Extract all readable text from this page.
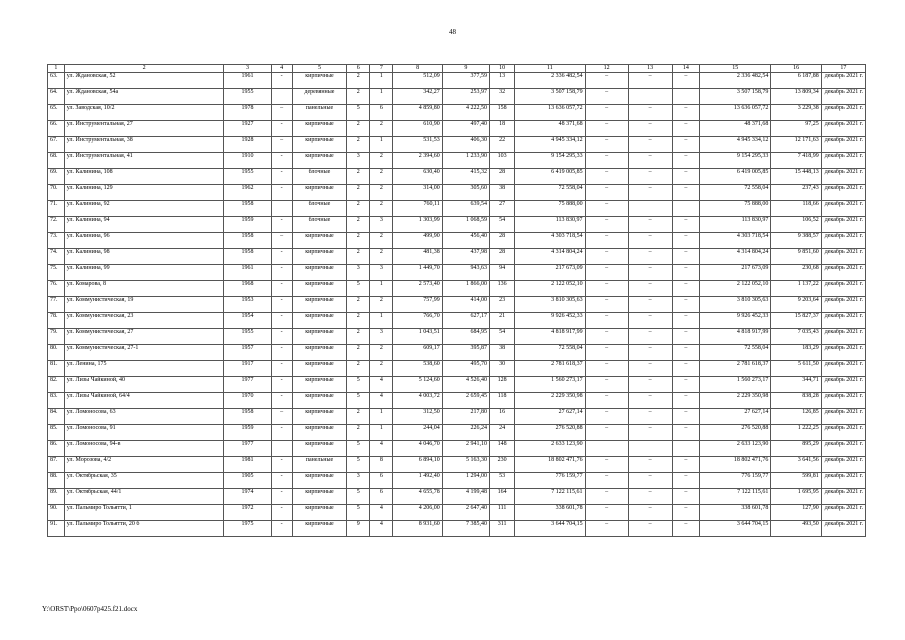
48
1	2	3	4	5	6	7	8	9	10	11	12	13	14	15	16	17
63.	ул. Ждановская, 52	1961	-	кирпичные	2	1	512,09	377,59	13	2 336 482,54	–	–	–	2 336 482,54	6 187,88	декабрь 2021 г.
64.	ул. Ждановская, 54а	1955		деревянные	2	1	342,27	253,97	32	3 507 158,79	–			3 507 158,79	13 809,34	декабрь 2021 г.
65.	ул. Заводская, 10/2	1978	–	панельные	5	6	4 859,80	4 222,50	158	13 636 057,72	–	–	–	13 636 057,72	3 229,38	декабрь 2021 г.
66.	ул. Инструментальная, 27	1927	-	кирпичные	2	2	610,90	497,40	18	48 371,68	–	–	–	48 371,68	97,25	декабрь 2021 г.
67.	ул. Инструментальная, 38	1928	–	кирпичные	2	1	531,53	406,30	22	4 945 334,12	–	–	–	4 945 334,12	12 171,63	декабрь 2021 г.
68.	ул. Инструментальная, 41	1910	-	кирпичные	3	2	2 394,60	1 233,90	103	9 154 295,33	–	–	–	9 154 295,33	7 418,99	декабрь 2021 г.
69.	ул. Калинина, 108	1955	-	блочные	2	2	630,40	415,32	28	6 419 005,85	–	–	–	6 419 005,85	15 448,13	декабрь 2021 г.
70.	ул. Калинина, 129	1962	-	кирпичные	2	2	314,00	305,60	38	72 558,04	–	–	–	72 558,04	237,43	декабрь 2021 г.
71.	ул. Калинина, 92	1958		блочные	2	2	760,11	639,54	27	75 888,00	–			75 888,00	118,66	декабрь 2021 г.
72.	ул. Калинина, 94	1959	-	блочные	2	3	1 303,99	1 068,59	54	113 830,97	–	–	–	113 830,97	106,52	декабрь 2021 г.
73.	ул. Калинина, 96	1958	–	кирпичные	2	2	499,90	456,40	28	4 303 718,54	–	–	–	4 303 718,54	9 388,57	декабрь 2021 г.
74.	ул. Калинина, 98	1958	-	кирпичные	2	2	481,38	437,98	28	4 314 804,24	–	–	–	4 314 804,24	9 851,60	декабрь 2021 г.
75.	ул. Калинина, 99	1961	-	кирпичные	3	3	1 449,70	943,63	94	217 673,09	–	–	–	217 673,09	230,68	декабрь 2021 г.
76.	ул. Комарова, 8	1968	-	кирпичные	5	1	2 573,40	1 866,00	136	2 122 052,10	–	–	–	2 122 052,10	1 137,22	декабрь 2021 г.
77.	ул. Коммунистическая, 19	1953	-	кирпичные	2	2	757,99	414,00	23	3 810 305,63	–	–	–	3 810 305,63	9 203,64	декабрь 2021 г.
78.	ул. Коммунистическая, 23	1954	-	кирпичные	2	1	766,70	627,17	21	9 926 452,33	–	–	–	9 926 452,33	15 827,37	декабрь 2021 г.
79.	ул. Коммунистическая, 27	1955	-	кирпичные	2	3	1 043,51	684,95	54	4 818 917,99	–	–	–	4 818 917,99	7 035,43	декабрь 2021 г.
80.	ул. Коммунистическая, 27-1	1957	-	кирпичные	2	2	609,17	395,87	38	72 558,04	–	–	–	72 558,04	183,29	декабрь 2021 г.
81.	ул. Ленина, 175	1917	-	кирпичные	2	2	538,60	495,70	30	2 781 618,37	–	–	–	2 781 618,37	5 611,50	декабрь 2021 г.
82.	ул. Лизы Чайкиной, 40	1977	-	кирпичные	5	4	5 124,60	4 526,40	128	1 560 273,17	–	–	–	1 560 273,17	344,71	декабрь 2021 г.
83.	ул. Лизы Чайкиной, 64/4	1970	-	кирпичные	5	4	4 003,72	2 659,45	118	2 229 350,98	–	–	–	2 229 350,98	838,28	декабрь 2021 г.
84.	ул. Ломоносова, 63	1958	–	кирпичные	2	1	312,50	217,80	16	27 627,14	–	–	–	27 627,14	126,85	декабрь 2021 г.
85.	ул. Ломоносова, 91	1959	-	кирпичные	2	1	244,04	226,24	24	276 520,88	–	–	–	276 520,88	1 222,25	декабрь 2021 г.
86.	ул. Ломоносова, 94-в	1977		кирпичные	5	4	4 046,70	2 941,10	148	2 633 123,90				2 633 123,90	895,29	декабрь 2021 г.
87.	ул. Морозова, 4/2	1981	-	панельные	5	8	6 894,10	5 163,30	230	18 802 471,76	–	–	–	18 802 471,76	3 641,56	декабрь 2021 г.
88.	ул. Октябрьская, 35	1905	-	кирпичные	3	6	1 492,40	1 294,00	53	776 159,77	–	–	–	776 159,77	599,81	декабрь 2021 г.
89.	ул. Октябрьская, 44/1	1974	-	кирпичные	5	6	4 655,78	4 199,48	164	7 122 115,61	–	–	–	7 122 115,61	1 695,95	декабрь 2021 г.
90.	ул. Пальмиро Тольятти, 1	1972	-	кирпичные	5	4	4 206,00	2 647,40	111	338 601,78	–	–	–	338 601,78	127,90	декабрь 2021 г.
91.	ул. Пальмиро Тольятти, 20 б	1975	-	кирпичные	9	4	8 931,60	7 385,40	311	3 644 704,15	–	–	–	3 644 704,15	493,50	декабрь 2021 г.
Y:\ORST\Ppo\0607p425.f21.docx
